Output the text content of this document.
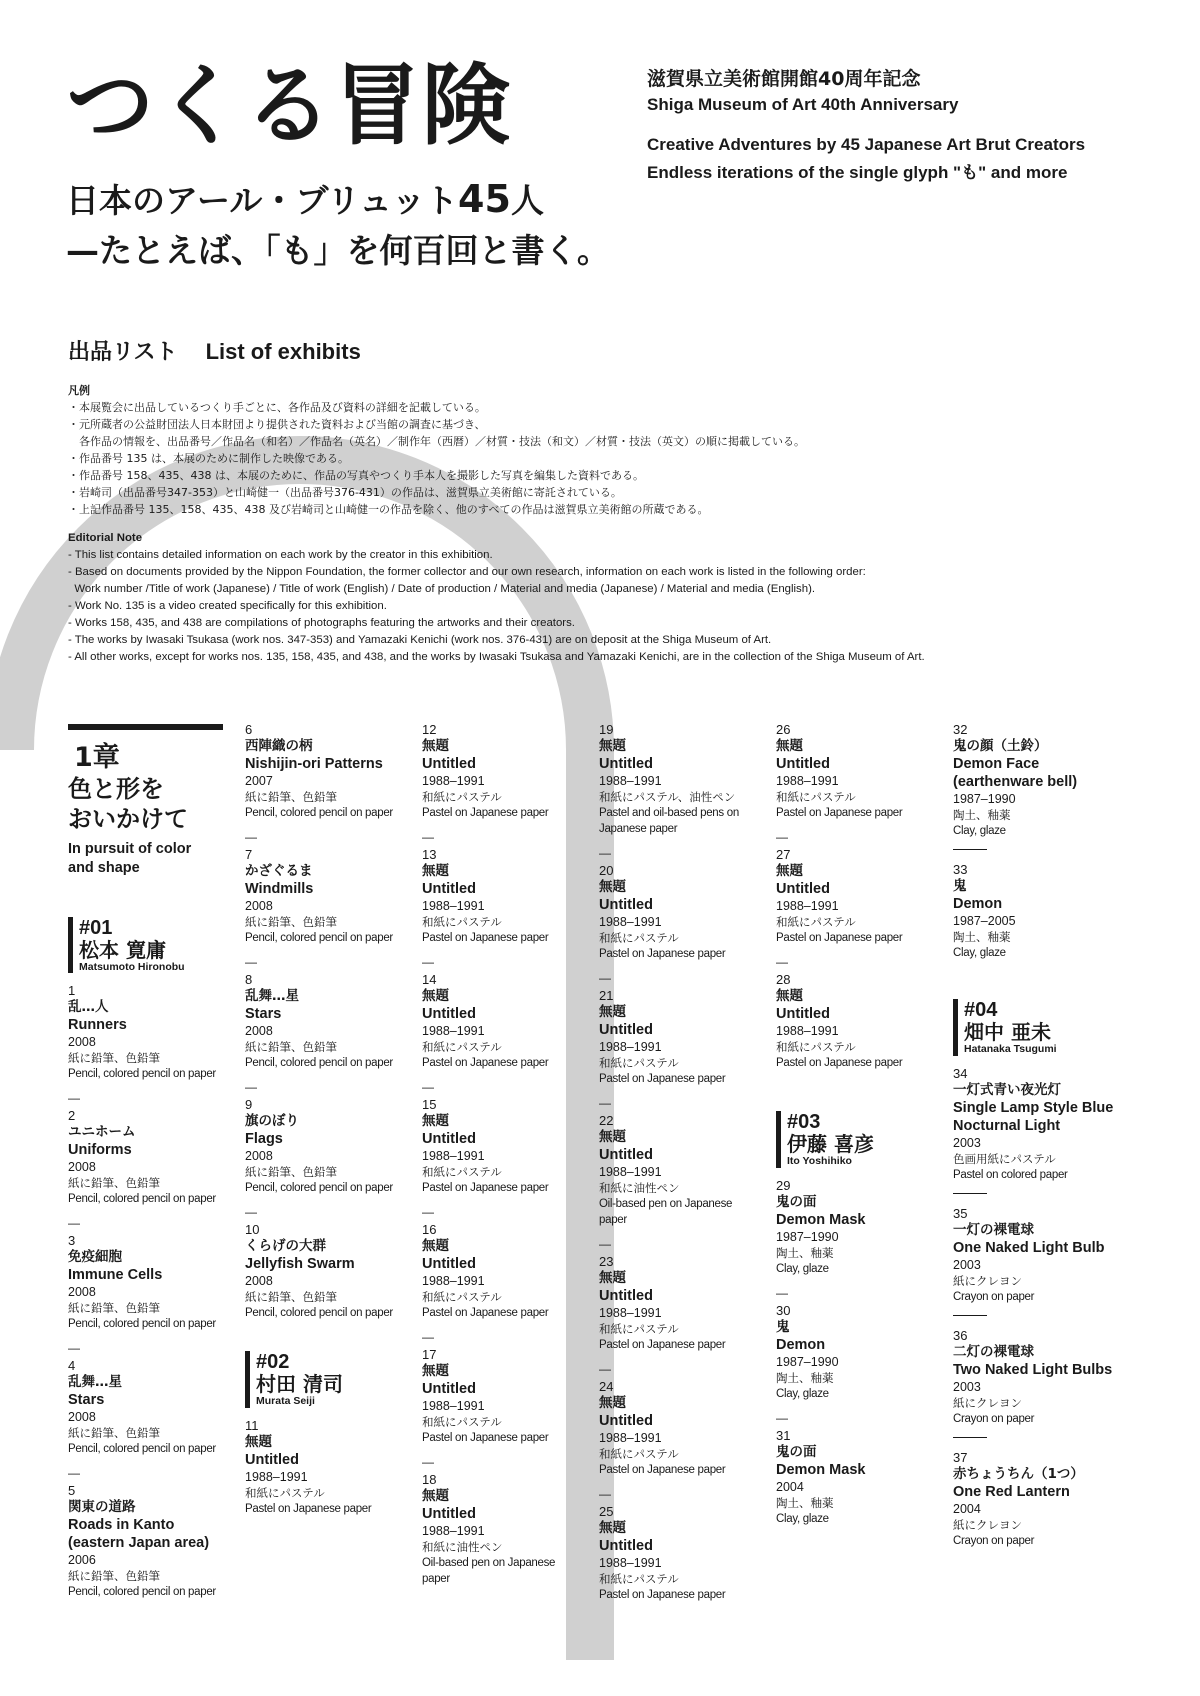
つくる冒険
日本のアール・ブリュット45人
—たとえば、「も」を何百回と書く。
滋賀県立美術館開館40周年記念
Shiga Museum of Art 40th Anniversary
Creative Adventures by 45 Japanese Art Brut Creators
Endless iterations of the single glyph "も" and more
出品リスト List of exhibits
凡例
・本展覧会に出品しているつくり手ごとに、各作品及び資料の詳細を記載している。
・元所蔵者の公益財団法人日本財団より提供された資料および当館の調査に基づき、
　各作品の情報を、出品番号／作品名（和名）／作品名（英名）／制作年（西暦）／材質・技法（和文）／材質・技法（英文）の順に掲載している。
・作品番号 135 は、本展のために制作した映像である。
・作品番号 158、435、438 は、本展のために、作品の写真やつくり手本人を撮影した写真を編集した資料である。
・岩崎司（出品番号347-353）と山崎健一（出品番号376-431）の作品は、滋賀県立美術館に寄託されている。
・上記作品番号 135、158、435、438 及び岩崎司と山崎健一の作品を除く、他のすべての作品は滋賀県立美術館の所蔵である。
Editorial Note
- This list contains detailed information on each work by the creator in this exhibition.
- Based on documents provided by the Nippon Foundation, the former collector and our own research, information on each work is listed in the following order:
Work number /Title of work (Japanese) / Title of work (English) / Date of production / Material and media (Japanese) / Material and media (English).
- Work No. 135 is a video created specifically for this exhibition.
- Works 158, 435, and 438 are compilations of photographs featuring the artworks and their creators.
- The works by Iwasaki Tsukasa (work nos. 347-353) and Yamazaki Kenichi (work nos. 376-431) are on deposit at the Shiga Museum of Art.
- All other works, except for works nos. 135, 158, 435, and 438, and the works by Iwasaki Tsukasa and Yamazaki Kenichi, are in the collection of the Shiga Museum of Art.
1章
色と形を
おいかけて
In pursuit of color
and shape
#01
松本 寛庸
Matsumoto Hironobu
1
乱…人
Runners
2008
紙に鉛筆、色鉛筆
Pencil, colored pencil on paper
—
2
ユニホーム
Uniforms
2008
紙に鉛筆、色鉛筆
Pencil, colored pencil on paper
—
3
免疫細胞
Immune Cells
2008
紙に鉛筆、色鉛筆
Pencil, colored pencil on paper
—
4
乱舞…星
Stars
2008
紙に鉛筆、色鉛筆
Pencil, colored pencil on paper
—
5
関東の道路
Roads in Kanto
(eastern Japan area)
2006
紙に鉛筆、色鉛筆
Pencil, colored pencil on paper
6
西陣織の柄
Nishijin-ori Patterns
2007
紙に鉛筆、色鉛筆
Pencil, colored pencil on paper
—
7
かざぐるま
Windmills
2008
紙に鉛筆、色鉛筆
Pencil, colored pencil on paper
—
8
乱舞…星
Stars
2008
紙に鉛筆、色鉛筆
Pencil, colored pencil on paper
—
9
旗のぼり
Flags
2008
紙に鉛筆、色鉛筆
Pencil, colored pencil on paper
—
10
くらげの大群
Jellyfish Swarm
2008
紙に鉛筆、色鉛筆
Pencil, colored pencil on paper
#02
村田 清司
Murata Seiji
11
無題
Untitled
1988–1991
和紙にパステル
Pastel on Japanese paper
12
無題
Untitled
1988–1991
和紙にパステル
Pastel on Japanese paper
—
13
無題
Untitled
1988–1991
和紙にパステル
Pastel on Japanese paper
—
14
無題
Untitled
1988–1991
和紙にパステル
Pastel on Japanese paper
—
15
無題
Untitled
1988–1991
和紙にパステル
Pastel on Japanese paper
—
16
無題
Untitled
1988–1991
和紙にパステル
Pastel on Japanese paper
—
17
無題
Untitled
1988–1991
和紙にパステル
Pastel on Japanese paper
—
18
無題
Untitled
1988–1991
和紙に油性ペン
Oil-based pen on Japanese
paper
19
無題
Untitled
1988–1991
和紙にパステル、油性ペン
Pastel and oil-based pens on
Japanese paper
—
20
無題
Untitled
1988–1991
和紙にパステル
Pastel on Japanese paper
—
21
無題
Untitled
1988–1991
和紙にパステル
Pastel on Japanese paper
—
22
無題
Untitled
1988–1991
和紙に油性ペン
Oil-based pen on Japanese
paper
—
23
無題
Untitled
1988–1991
和紙にパステル
Pastel on Japanese paper
—
24
無題
Untitled
1988–1991
和紙にパステル
Pastel on Japanese paper
—
25
無題
Untitled
1988–1991
和紙にパステル
Pastel on Japanese paper
26
無題
Untitled
1988–1991
和紙にパステル
Pastel on Japanese paper
—
27
無題
Untitled
1988–1991
和紙にパステル
Pastel on Japanese paper
—
28
無題
Untitled
1988–1991
和紙にパステル
Pastel on Japanese paper
#03
伊藤 喜彦
Ito Yoshihiko
29
鬼の面
Demon Mask
1987–1990
陶土、釉薬
Clay, glaze
—
30
鬼
Demon
1987–1990
陶土、釉薬
Clay, glaze
—
31
鬼の面
Demon Mask
2004
陶土、釉薬
Clay, glaze
32
鬼の顔（土鈴）
Demon Face
(earthenware bell)
1987–1990
陶土、釉薬
Clay, glaze
33
鬼
Demon
1987–2005
陶土、釉薬
Clay, glaze
#04
畑中 亜未
Hatanaka Tsugumi
34
一灯式青い夜光灯
Single Lamp Style Blue
Nocturnal Light
2003
色画用紙にパステル
Pastel on colored paper
35
一灯の裸電球
One Naked Light Bulb
2003
紙にクレヨン
Crayon on paper
36
二灯の裸電球
Two Naked Light Bulbs
2003
紙にクレヨン
Crayon on paper
37
赤ちょうちん（1つ）
One Red Lantern
2004
紙にクレヨン
Crayon on paper
